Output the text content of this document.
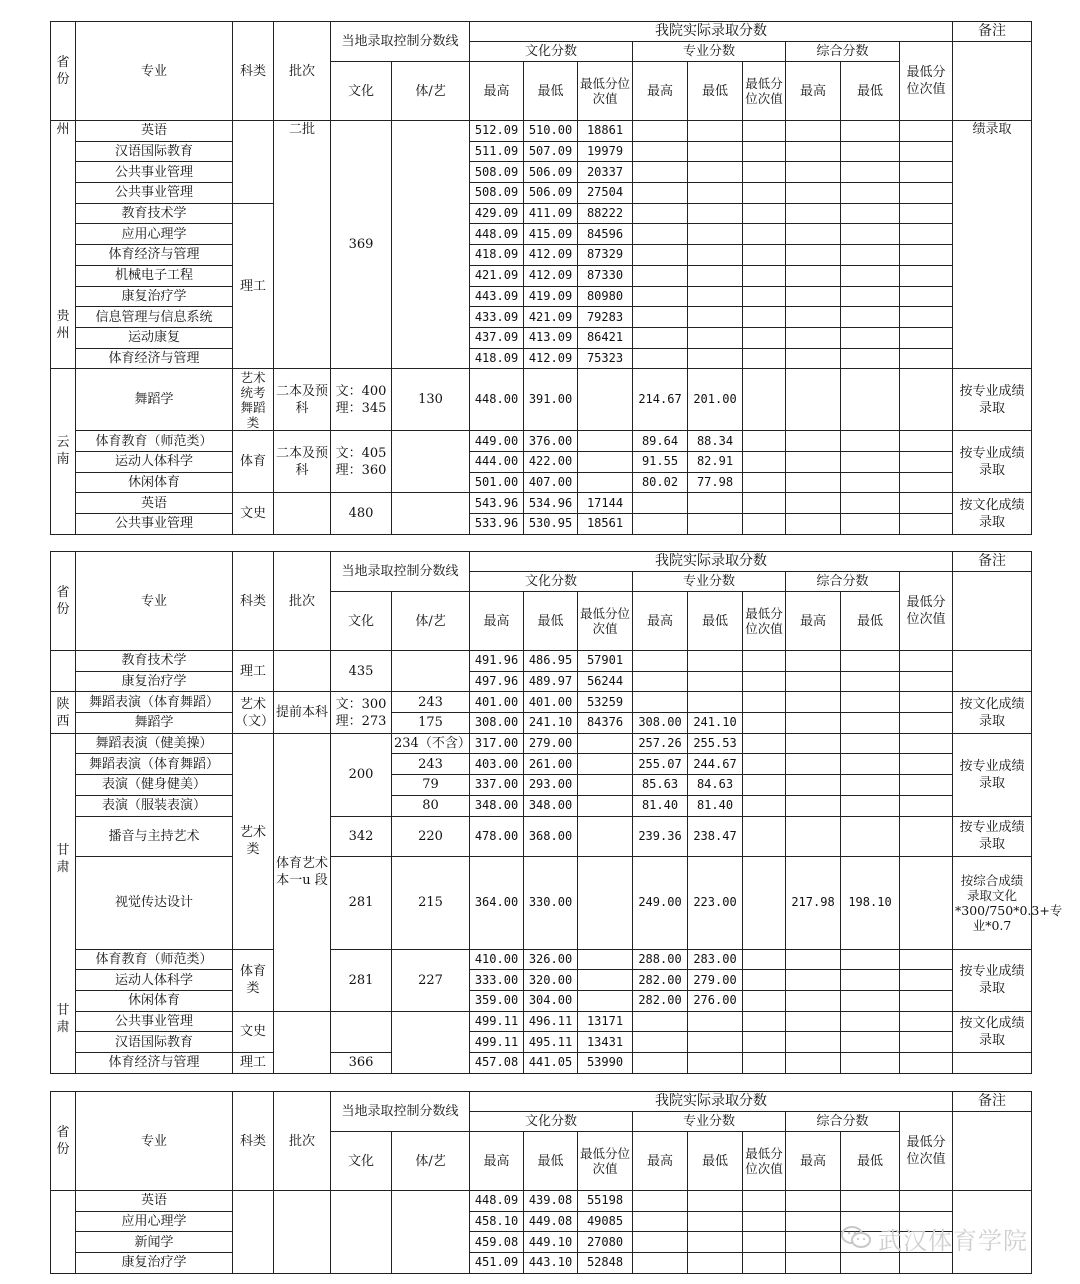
省份	专业	科类	批次	当地录取控制分数线		我院实际录取分数									备注
						文化分数			专业分数			综合分数		最低分位次值	
				文化	体/艺	最高	最低	最低分位次值	最高	最低	最低分位次值	最高	最低		

州
贵州	英语		二批	369		512.09	510.00	18861							绩录取
	汉语国际教育					511.09	507.09	19979							
	公共事业管理					508.09	506.09	20337							
	公共事业管理					508.09	506.09	27504							
	教育技术学	理工				429.09	411.09	88222							
	应用心理学					448.09	415.09	84596							
	体育经济与管理					418.09	412.09	87329							
	机械电子工程					421.09	412.09	87330							
	康复治疗学					443.09	419.09	80980							
	信息管理与信息系统					433.09	421.09	79283							
	运动康复					437.09	413.09	86421							
	体育经济与管理					418.09	412.09	75323							

云南	舞蹈学	艺术统考舞蹈类	二本及预科	文：400 理：345	130	448.00	391.00		214.67	201.00					按专业成绩录取
	体育教育（师范类）	体育	二本及预科	文：405 理：360		449.00	376.00		89.64	88.34					按专业成绩录取
	运动人体科学					444.00	422.00		91.55	82.91					
	休闲体育					501.00	407.00		80.02	77.98					
	英语	文史		480		543.96	534.96	17144							按文化成绩录取
	公共事业管理					533.96	530.95	18561							
省份	专业	科类	批次	当地录取控制分数线		我院实际录取分数									备注
						文化分数			专业分数			综合分数		最低分位次值	
				文化	体/艺	最高	最低	最低分位次值	最高	最低	最低分位次值	最高	最低		
	教育技术学	理工		435		491.96	486.95	57901							
	康复治疗学					497.96	489.97	56244							

陕西	舞蹈表演（体育舞蹈）	艺术（文）	提前本科	文：300 理：273	243	401.00	401.00	53259							按文化成绩录取
	舞蹈学				175	308.00	241.10	84376	308.00	241.10					

甘肃
甘肃	舞蹈表演（健美操）	艺术类	体育艺术本一u 段	200	234（不含）	317.00	279.00		257.26	255.53					按专业成绩录取
	舞蹈表演（体育舞蹈）				243	403.00	261.00		255.07	244.67					
	表演（健身健美）				79	337.00	293.00		85.63	84.63					
	表演（服装表演）				80	348.00	348.00		81.40	81.40					
	播音与主持艺术			342	220	478.00	368.00		239.36	238.47					按专业成绩录取
	视觉传达设计			281	215	364.00	330.00		249.00	223.00		217.98	198.10		按综合成绩录取文化*300/750*0.3+专业*0.7
	体育教育（师范类）	体育类		281	227	410.00	326.00		288.00	283.00					按专业成绩录取
	运动人体科学					333.00	320.00		282.00	279.00					
	休闲体育					359.00	304.00		282.00	276.00					
	公共事业管理	文史				499.11	496.11	13171							按文化成绩录取
	汉语国际教育					499.11	495.11	13431							
	体育经济与管理	理工		366		457.08	441.05	53990							
省份	专业	科类	批次	当地录取控制分数线		我院实际录取分数									备注
						文化分数			专业分数			综合分数		最低分位次值	
				文化	体/艺	最高	最低	最低分位次值	最高	最低	最低分位次值	最高	最低		
	英语					448.09	439.08	55198							
	应用心理学					458.10	449.08	49085							
	新闻学					459.08	449.10	27080							
	康复治疗学					451.09	443.10	52848							
武汉体育学院
